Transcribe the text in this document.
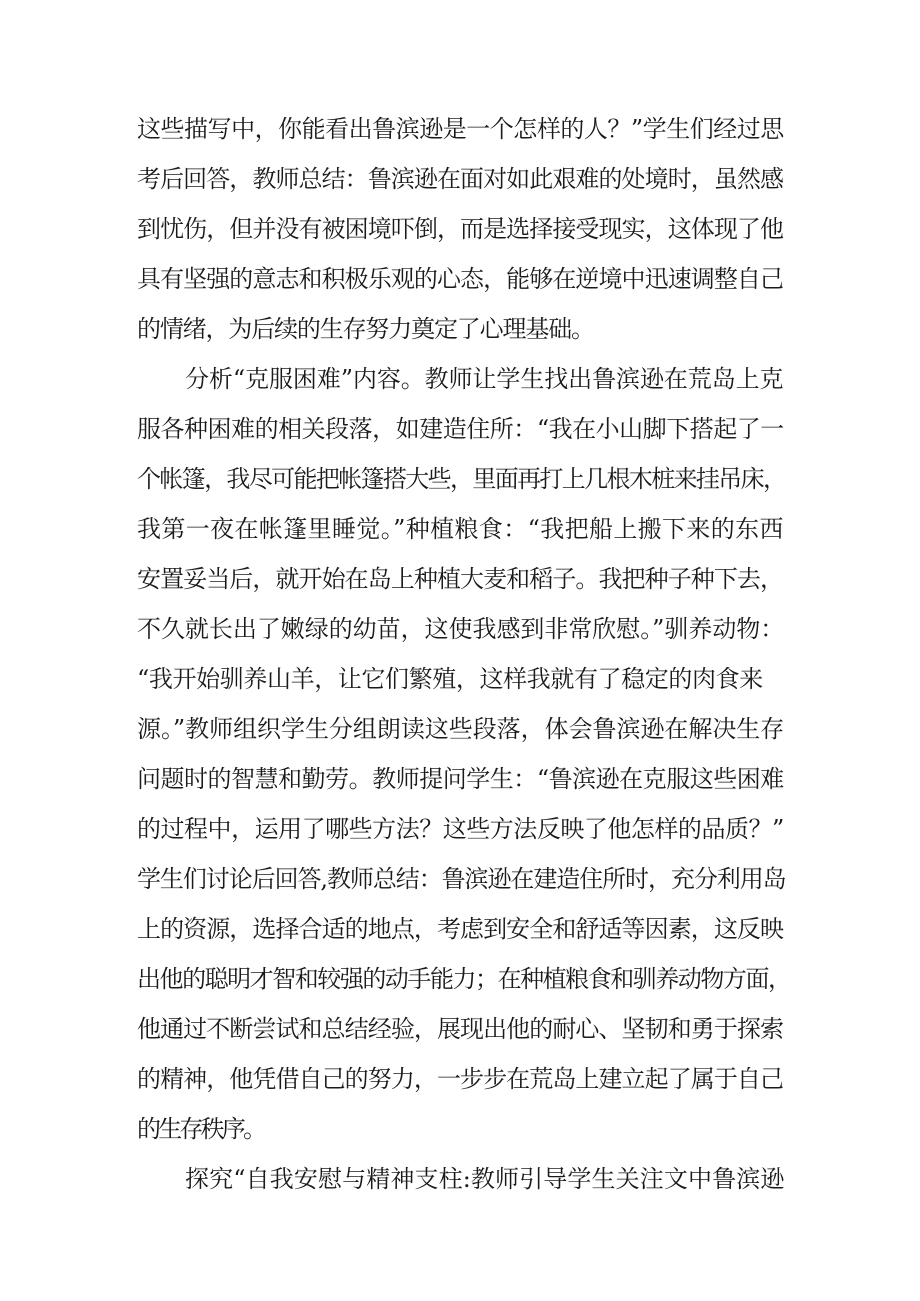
这些描写中，你能看出鲁滨逊是一个怎样的人？”学生们经过思
考后回答，教师总结：鲁滨逊在面对如此艰难的处境时，虽然感
到忧伤，但并没有被困境吓倒，而是选择接受现实，这体现了他
具有坚强的意志和积极乐观的心态，能够在逆境中迅速调整自己
的情绪，为后续的生存努力奠定了心理基础。
分析“克服困难”内容。教师让学生找出鲁滨逊在荒岛上克
服各种困难的相关段落，如建造住所：“我在小山脚下搭起了一
个帐篷，我尽可能把帐篷搭大些，里面再打上几根木桩来挂吊床，
我第一夜在帐篷里睡觉。”种植粮食：“我把船上搬下来的东西
安置妥当后，就开始在岛上种植大麦和稻子。我把种子种下去，
不久就长出了嫩绿的幼苗，这使我感到非常欣慰。”驯养动物：
“我开始驯养山羊，让它们繁殖，这样我就有了稳定的肉食来
源。”教师组织学生分组朗读这些段落，体会鲁滨逊在解决生存
问题时的智慧和勤劳。教师提问学生：“鲁滨逊在克服这些困难
的过程中，运用了哪些方法？这些方法反映了他怎样的品质？”
学生们讨论后回答,教师总结：鲁滨逊在建造住所时，充分利用岛
上的资源，选择合适的地点，考虑到安全和舒适等因素，这反映
出他的聪明才智和较强的动手能力；在种植粮食和驯养动物方面，
他通过不断尝试和总结经验，展现出他的耐心、坚韧和勇于探索
的精神，他凭借自己的努力，一步步在荒岛上建立起了属于自己
的生存秩序。
探究“自我安慰与精神支柱:教师引导学生关注文中鲁滨逊
